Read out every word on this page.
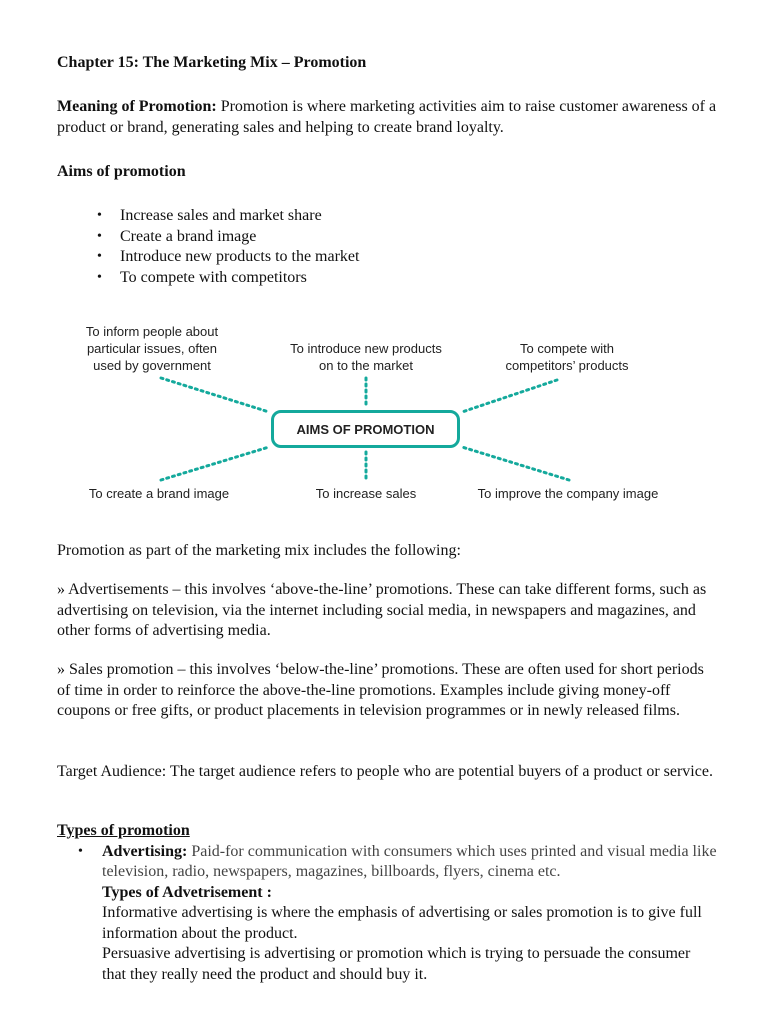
Chapter 15: The Marketing Mix – Promotion

Meaning of Promotion: Promotion is where marketing activities aim to raise customer awareness of a product or brand, generating sales and helping to create brand loyalty.

Aims of promotion

• Increase sales and market share
• Create a brand image
• Introduce new products to the market
• To compete with competitors
To inform people about
particular issues, often
used by government
To introduce new products
on to the market
To compete with
competitors’ products
AIMS OF PROMOTION
To create a brand image	To increase sales	To improve the company image

Promotion as part of the marketing mix includes the following:

» Advertisements – this involves ‘above-the-line’ promotions. These can take different forms, such as advertising on television, via the internet including social media, in newspapers and magazines, and other forms of advertising media.

» Sales promotion – this involves ‘below-the-line’ promotions. These are often used for short periods of time in order to reinforce the above-the-line promotions. Examples include giving money-off coupons or free gifts, or product placements in television programmes or in newly released films.

Target Audience: The target audience refers to people who are potential buyers of a product or service.

Types of promotion
• Advertising: Paid-for communication with consumers which uses printed and visual media like television, radio, newspapers, magazines, billboards, flyers, cinema etc.
Types of Advetrisement :
Informative advertising is where the emphasis of advertising or sales promotion is to give full information about the product.
Persuasive advertising is advertising or promotion which is trying to persuade the consumer that they really need the product and should buy it.
